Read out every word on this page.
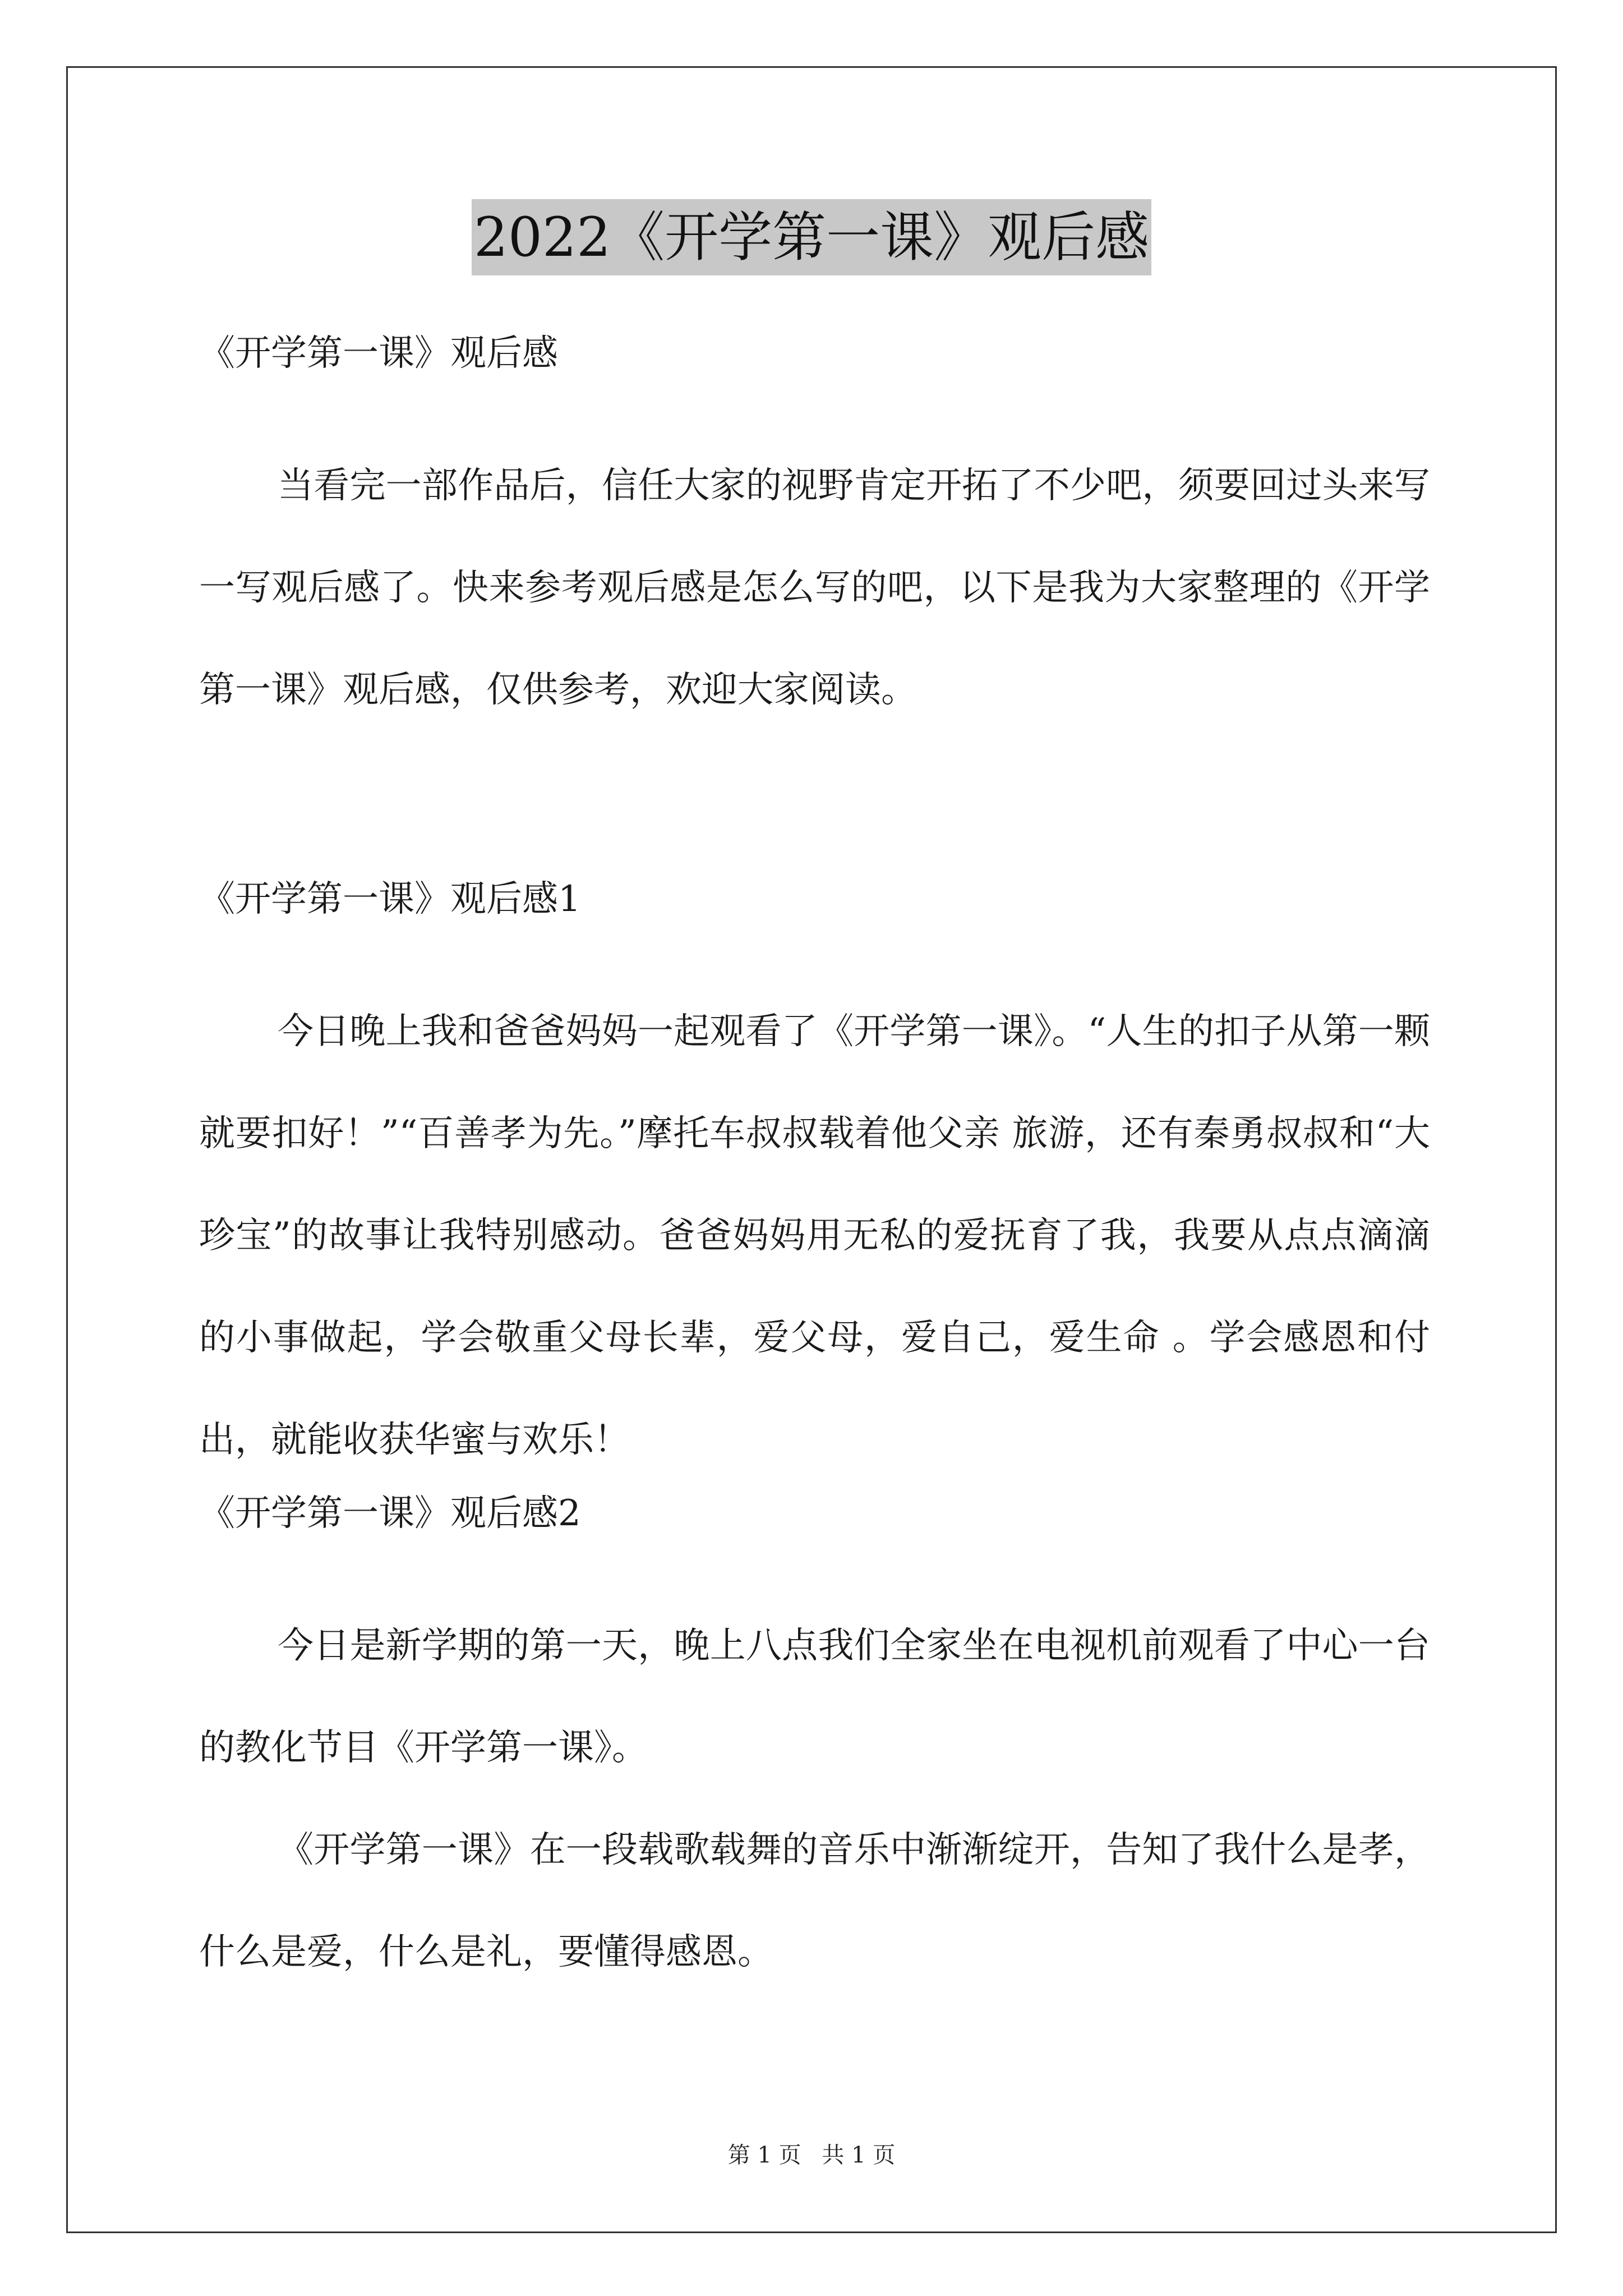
2022《开学第一课》观后感
《开学第一课》观后感

当看完一部作品后，信任大家的视野肯定开拓了不少吧，须要回过头来写一写观后感了。快来参考观后感是怎么写的吧，以下是我为大家整理的《开学第一课》观后感，仅供参考，欢迎大家阅读。

《开学第一课》观后感1

今日晚上我和爸爸妈妈一起观看了《开学第一课》。“人生的扣子从第一颗就要扣好！”“百善孝为先。”摩托车叔叔载着他父亲 旅游，还有秦勇叔叔和“大珍宝”的故事让我特别感动。爸爸妈妈用无私的爱抚育了我，我要从点点滴滴的小事做起，学会敬重父母长辈，爱父母，爱自己，爱生命 。学会感恩和付出，就能收获华蜜与欢乐！

《开学第一课》观后感2

今日是新学期的第一天，晚上八点我们全家坐在电视机前观看了中心一台的教化节目《开学第一课》。

《开学第一课》在一段载歌载舞的音乐中渐渐绽开，告知了我什么是孝，什么是爱，什么是礼，要懂得感恩。

第 1 页 共 1 页
